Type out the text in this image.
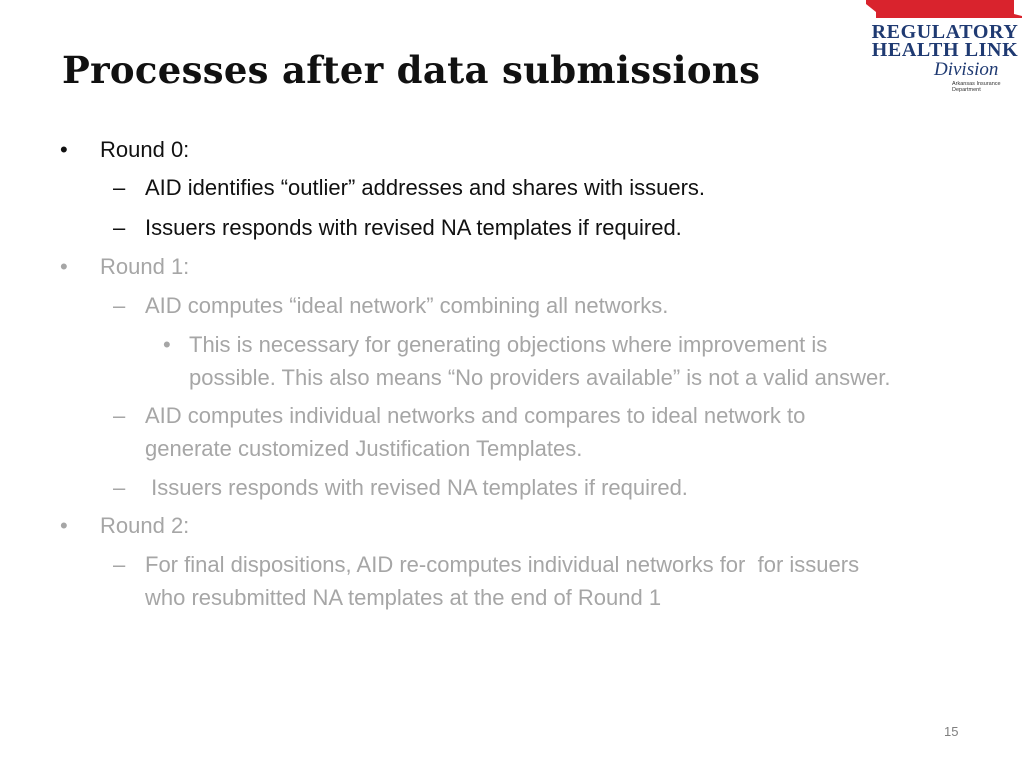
Processes after data submissions
REGULATORY
HEALTH LINK
Division
Arkansas Insurance Department
• Round 0:
– AID identifies “outlier” addresses and shares with issuers.
– Issuers responds with revised NA templates if required.
• Round 1:
– AID computes “ideal network” combining all networks.
• This is necessary for generating objections where improvement is
possible. This also means “No providers available” is not a valid answer.
– AID computes individual networks and compares to ideal network to
generate customized Justification Templates.
– Issuers responds with revised NA templates if required.
• Round 2:
– For final dispositions, AID re-computes individual networks for  for issuers
who resubmitted NA templates at the end of Round 1
15
